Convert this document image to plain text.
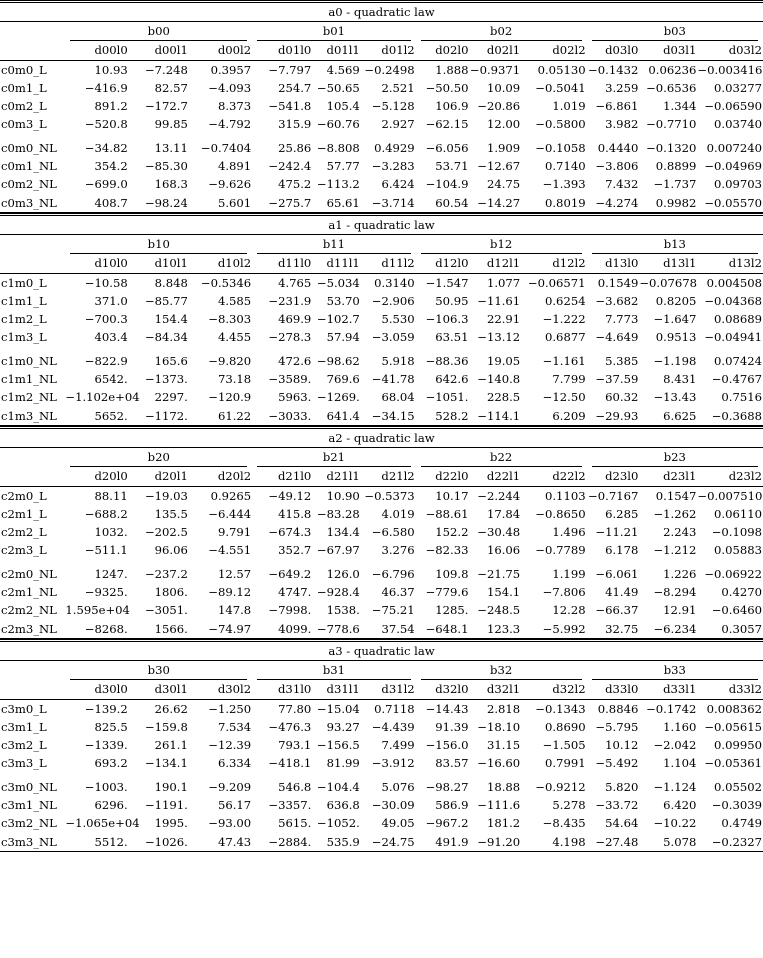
a0 - quadratic law												

	b00			b01			b02			b03		

	d00l0	d00l1	d00l2	d01l0	d01l1	d01l2	d02l0	d02l1	d02l2	d03l0	d03l1	d03l2
c0m0_L	10.93	−7.248	0.3957	−7.797	4.569	−0.2498	1.888	−0.9371	0.05130	−0.1432	0.06236	−0.003416
c0m1_L	−416.9	82.57	−4.093	254.7	−50.65	2.521	−50.50	10.09	−0.5041	3.259	−0.6536	0.03277
c0m2_L	891.2	−172.7	8.373	−541.8	105.4	−5.128	106.9	−20.86	1.019	−6.861	1.344	−0.06590
c0m3_L	−520.8	99.85	−4.792	315.9	−60.76	2.927	−62.15	12.00	−0.5800	3.982	−0.7710	0.03740

c0m0_NL	−34.82	13.11	−0.7404	25.86	−8.808	0.4929	−6.056	1.909	−0.1058	0.4440	−0.1320	0.007240
c0m1_NL	354.2	−85.30	4.891	−242.4	57.77	−3.283	53.71	−12.67	0.7140	−3.806	0.8899	−0.04969
c0m2_NL	−699.0	168.3	−9.626	475.2	−113.2	6.424	−104.9	24.75	−1.393	7.432	−1.737	0.09703
c0m3_NL	408.7	−98.24	5.601	−275.7	65.61	−3.714	60.54	−14.27	0.8019	−4.274	0.9982	−0.05570
a1 - quadratic law												

	b10			b11			b12			b13		

	d10l0	d10l1	d10l2	d11l0	d11l1	d11l2	d12l0	d12l1	d12l2	d13l0	d13l1	d13l2
c1m0_L	−10.58	8.848	−0.5346	4.765	−5.034	0.3140	−1.547	1.077	−0.06571	0.1549	−0.07678	0.004508
c1m1_L	371.0	−85.77	4.585	−231.9	53.70	−2.906	50.95	−11.61	0.6254	−3.682	0.8205	−0.04368
c1m2_L	−700.3	154.4	−8.303	469.9	−102.7	5.530	−106.3	22.91	−1.222	7.773	−1.647	0.08689
c1m3_L	403.4	−84.34	4.455	−278.3	57.94	−3.059	63.51	−13.12	0.6877	−4.649	0.9513	−0.04941

c1m0_NL	−822.9	165.6	−9.820	472.6	−98.62	5.918	−88.36	19.05	−1.161	5.385	−1.198	0.07424
c1m1_NL	6542.	−1373.	73.18	−3589.	769.6	−41.78	642.6	−140.8	7.799	−37.59	8.431	−0.4767
c1m2_NL	−1.102e+04	2297.	−120.9	5963.	−1269.	68.04	−1051.	228.5	−12.50	60.32	−13.43	0.7516
c1m3_NL	5652.	−1172.	61.22	−3033.	641.4	−34.15	528.2	−114.1	6.209	−29.93	6.625	−0.3688
a2 - quadratic law												

	b20			b21			b22			b23		

	d20l0	d20l1	d20l2	d21l0	d21l1	d21l2	d22l0	d22l1	d22l2	d23l0	d23l1	d23l2
c2m0_L	88.11	−19.03	0.9265	−49.12	10.90	−0.5373	10.17	−2.244	0.1103	−0.7167	0.1547	−0.007510
c2m1_L	−688.2	135.5	−6.444	415.8	−83.28	4.019	−88.61	17.84	−0.8650	6.285	−1.262	0.06110
c2m2_L	1032.	−202.5	9.791	−674.3	134.4	−6.580	152.2	−30.48	1.496	−11.21	2.243	−0.1098
c2m3_L	−511.1	96.06	−4.551	352.7	−67.97	3.276	−82.33	16.06	−0.7789	6.178	−1.212	0.05883

c2m0_NL	1247.	−237.2	12.57	−649.2	126.0	−6.796	109.8	−21.75	1.199	−6.061	1.226	−0.06922
c2m1_NL	−9325.	1806.	−89.12	4747.	−928.4	46.37	−779.6	154.1	−7.806	41.49	−8.294	0.4270
c2m2_NL	1.595e+04	−3051.	147.8	−7998.	1538.	−75.21	1285.	−248.5	12.28	−66.37	12.91	−0.6460
c2m3_NL	−8268.	1566.	−74.97	4099.	−778.6	37.54	−648.1	123.3	−5.992	32.75	−6.234	0.3057
a3 - quadratic law												

	b30			b31			b32			b33		

	d30l0	d30l1	d30l2	d31l0	d31l1	d31l2	d32l0	d32l1	d32l2	d33l0	d33l1	d33l2
c3m0_L	−139.2	26.62	−1.250	77.80	−15.04	0.7118	−14.43	2.818	−0.1343	0.8846	−0.1742	0.008362
c3m1_L	825.5	−159.8	7.534	−476.3	93.27	−4.439	91.39	−18.10	0.8690	−5.795	1.160	−0.05615
c3m2_L	−1339.	261.1	−12.39	793.1	−156.5	7.499	−156.0	31.15	−1.505	10.12	−2.042	0.09950
c3m3_L	693.2	−134.1	6.334	−418.1	81.99	−3.912	83.57	−16.60	0.7991	−5.492	1.104	−0.05361

c3m0_NL	−1003.	190.1	−9.209	546.8	−104.4	5.076	−98.27	18.88	−0.9212	5.820	−1.124	0.05502
c3m1_NL	6296.	−1191.	56.17	−3357.	636.8	−30.09	586.9	−111.6	5.278	−33.72	6.420	−0.3039
c3m2_NL	−1.065e+04	1995.	−93.00	5615.	−1052.	49.05	−967.2	181.2	−8.435	54.64	−10.22	0.4749
c3m3_NL	5512.	−1026.	47.43	−2884.	535.9	−24.75	491.9	−91.20	4.198	−27.48	5.078	−0.2327
